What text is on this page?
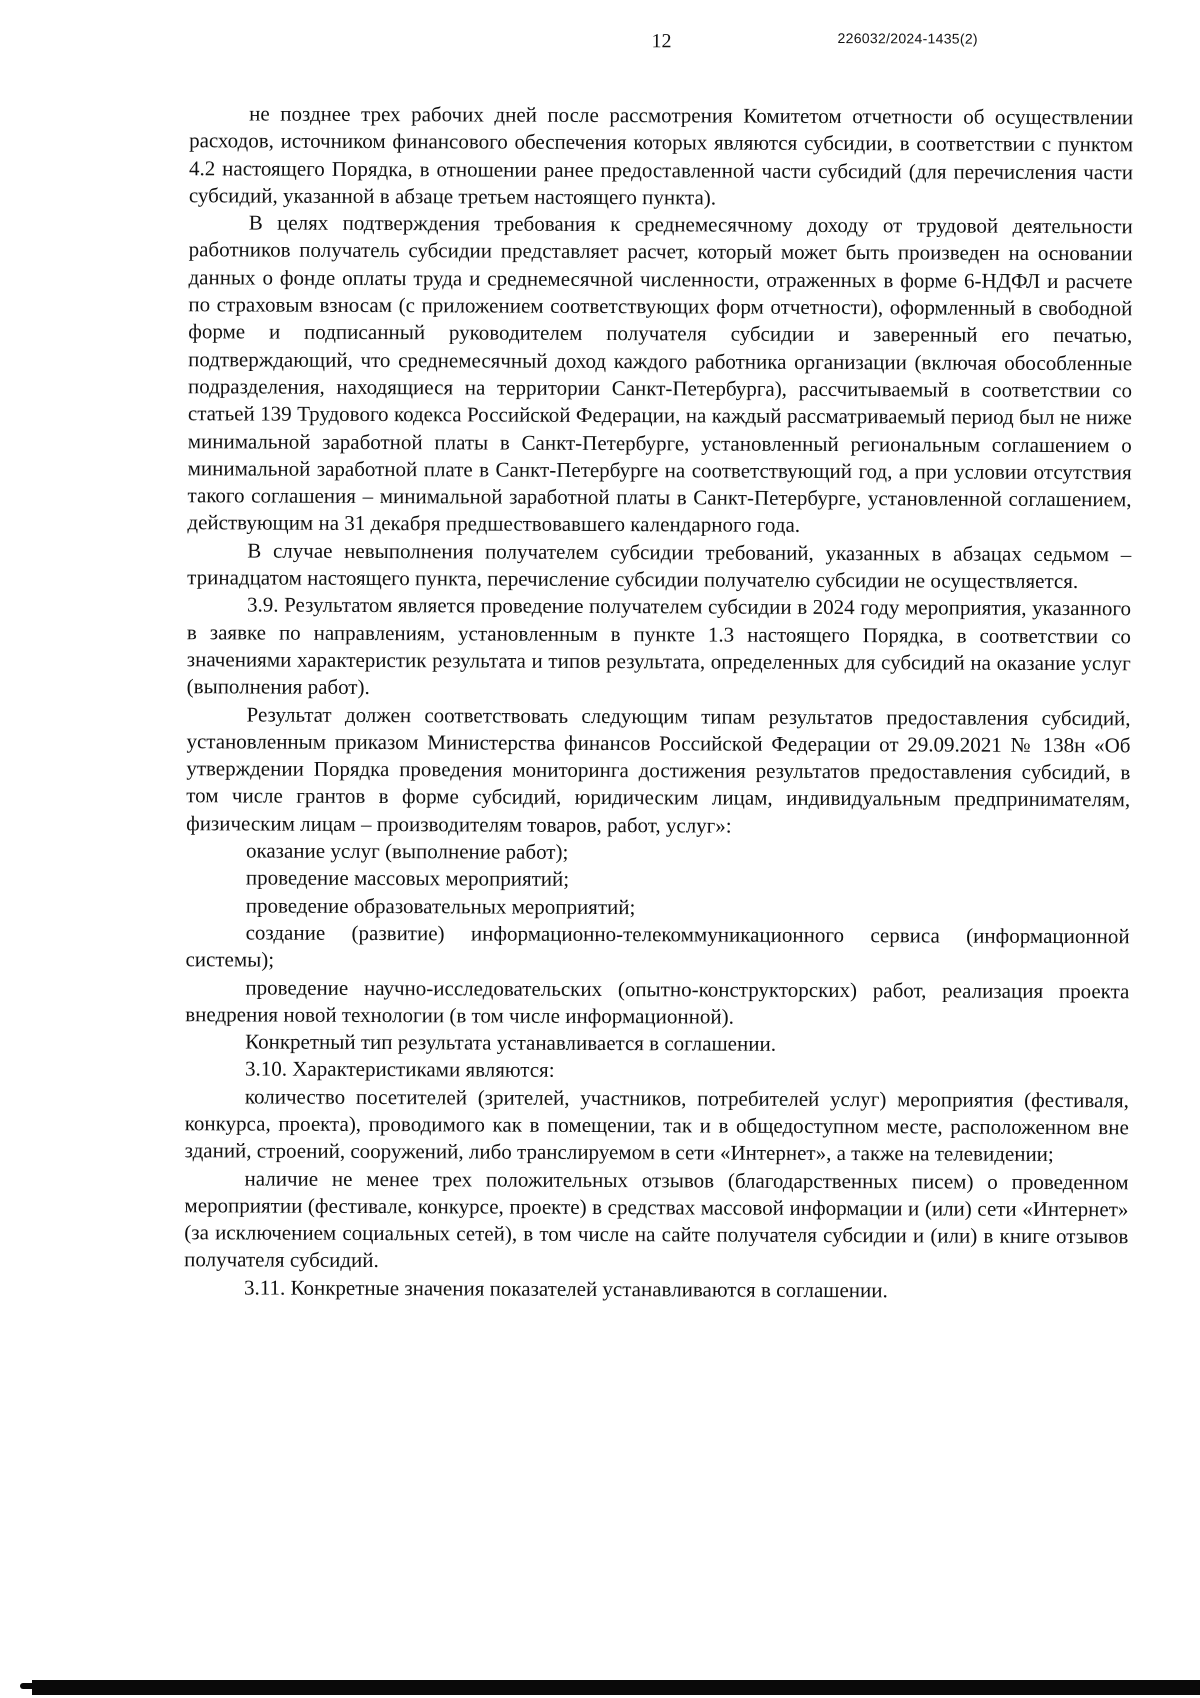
12	226032/2024-1435(2)

не позднее трех рабочих дней после рассмотрения Комитетом отчетности об осуществлении расходов, источником финансового обеспечения которых являются субсидии, в соответствии с пунктом 4.2 настоящего Порядка, в отношении ранее предоставленной части субсидий (для перечисления части субсидий, указанной в абзаце третьем настоящего пункта).

В целях подтверждения требования к среднемесячному доходу от трудовой деятельности работников получатель субсидии представляет расчет, который может быть произведен на основании данных о фонде оплаты труда и среднемесячной численности, отраженных в форме 6-НДФЛ и расчете по страховым взносам (с приложением соответствующих форм отчетности), оформленный в свободной форме и подписанный руководителем получателя субсидии и заверенный его печатью, подтверждающий, что среднемесячный доход каждого работника организации (включая обособленные подразделения, находящиеся на территории Санкт-Петербурга), рассчитываемый в соответствии со статьей 139 Трудового кодекса Российской Федерации, на каждый рассматриваемый период был не ниже минимальной заработной платы в Санкт-Петербурге, установленный региональным соглашением о минимальной заработной плате в Санкт-Петербурге на соответствующий год, а при условии отсутствия такого соглашения – минимальной заработной платы в Санкт-Петербурге, установленной соглашением, действующим на 31 декабря предшествовавшего календарного года.

В случае невыполнения получателем субсидии требований, указанных в абзацах седьмом – тринадцатом настоящего пункта, перечисление субсидии получателю субсидии не осуществляется.

3.9. Результатом является проведение получателем субсидии в 2024 году мероприятия, указанного в заявке по направлениям, установленным в пункте 1.3 настоящего Порядка, в соответствии со значениями характеристик результата и типов результата, определенных для субсидий на оказание услуг (выполнения работ).

Результат должен соответствовать следующим типам результатов предоставления субсидий, установленным приказом Министерства финансов Российской Федерации от 29.09.2021 № 138н «Об утверждении Порядка проведения мониторинга достижения результатов предоставления субсидий, в том числе грантов в форме субсидий, юридическим лицам, индивидуальным предпринимателям, физическим лицам – производителям товаров, работ, услуг»:

оказание услуг (выполнение работ);

проведение массовых мероприятий;

проведение образовательных мероприятий;

создание (развитие) информационно-телекоммуникационного сервиса (информационной системы);

проведение научно-исследовательских (опытно-конструкторских) работ, реализация проекта внедрения новой технологии (в том числе информационной).

Конкретный тип результата устанавливается в соглашении.

3.10. Характеристиками являются:

количество посетителей (зрителей, участников, потребителей услуг) мероприятия (фестиваля, конкурса, проекта), проводимого как в помещении, так и в общедоступном месте, расположенном вне зданий, строений, сооружений, либо транслируемом в сети «Интернет», а также на телевидении;

наличие не менее трех положительных отзывов (благодарственных писем) о проведенном мероприятии (фестивале, конкурсе, проекте) в средствах массовой информации и (или) сети «Интернет» (за исключением социальных сетей), в том числе на сайте получателя субсидии и (или) в книге отзывов получателя субсидий.

3.11. Конкретные значения показателей устанавливаются в соглашении.
